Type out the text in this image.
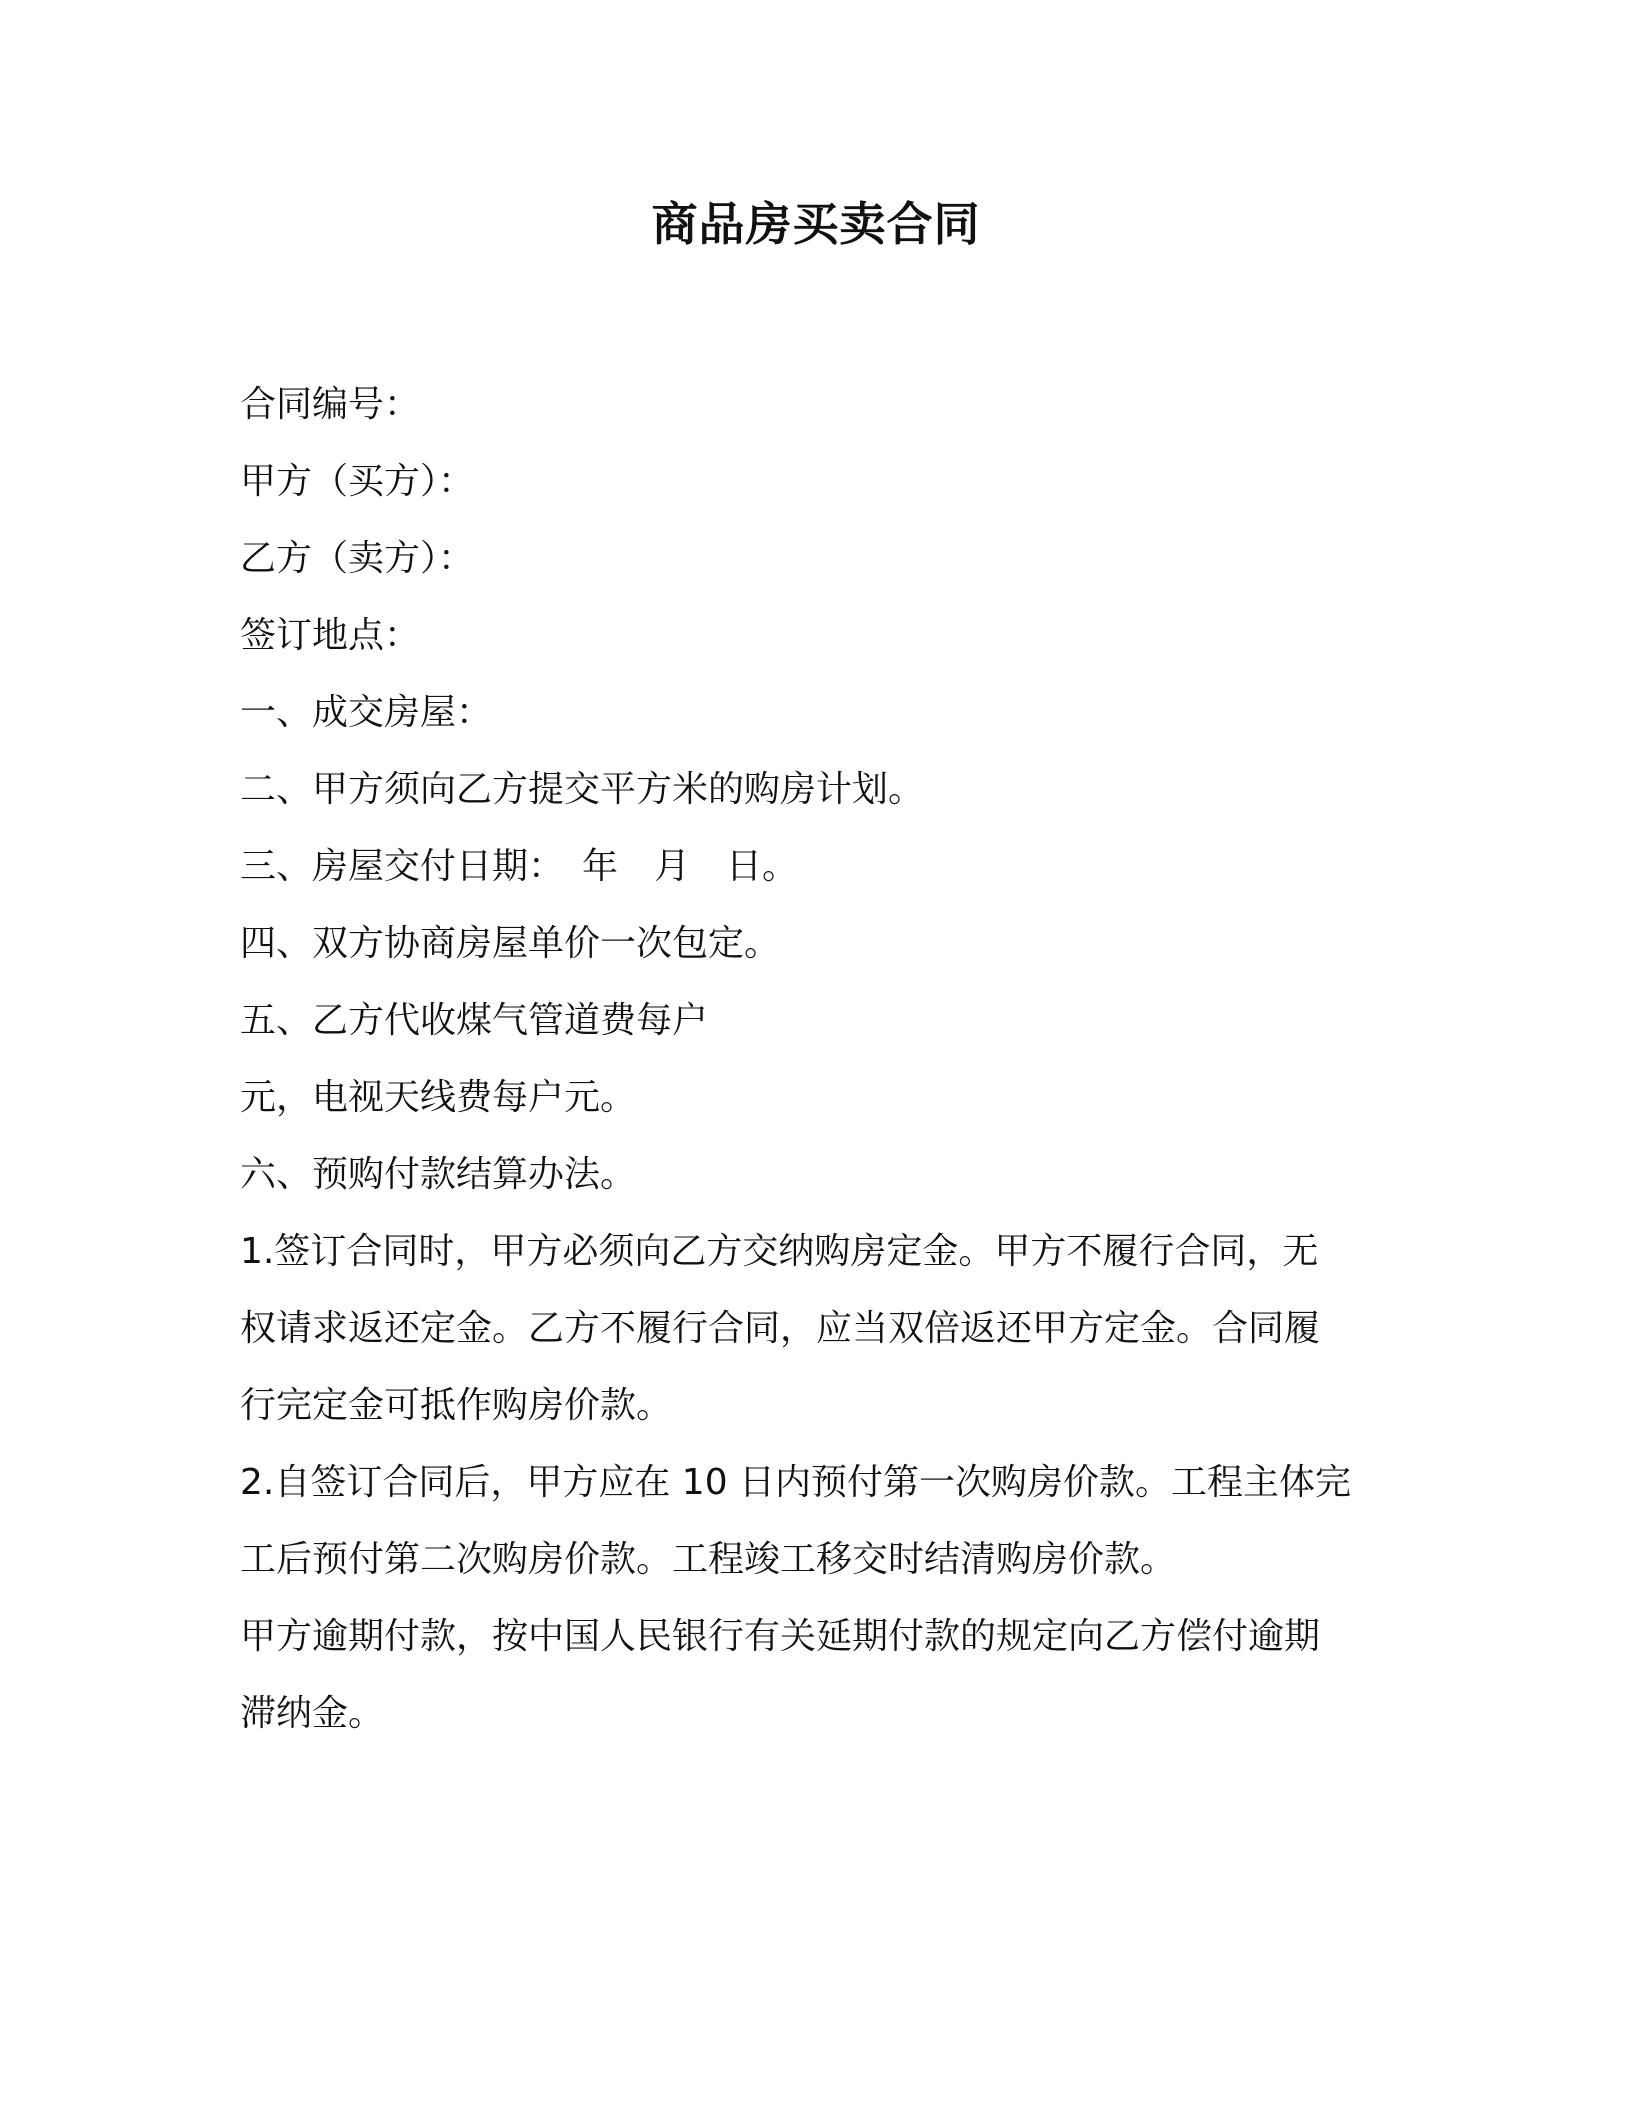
商品房买卖合同

合同编号：

甲方（买方）：

乙方（卖方）：

签订地点：

一、成交房屋：

二、甲方须向乙方提交平方米的购房计划。

三、房屋交付日期：　年　月　日。

四、双方协商房屋单价一次包定。

五、乙方代收煤气管道费每户

元，电视天线费每户元。

六、预购付款结算办法。

1.签订合同时，甲方必须向乙方交纳购房定金。甲方不履行合同，无

权请求返还定金。乙方不履行合同，应当双倍返还甲方定金。合同履

行完定金可抵作购房价款。

2.自签订合同后，甲方应在 10 日内预付第一次购房价款。工程主体完

工后预付第二次购房价款。工程竣工移交时结清购房价款。

甲方逾期付款，按中国人民银行有关延期付款的规定向乙方偿付逾期

滞纳金。
